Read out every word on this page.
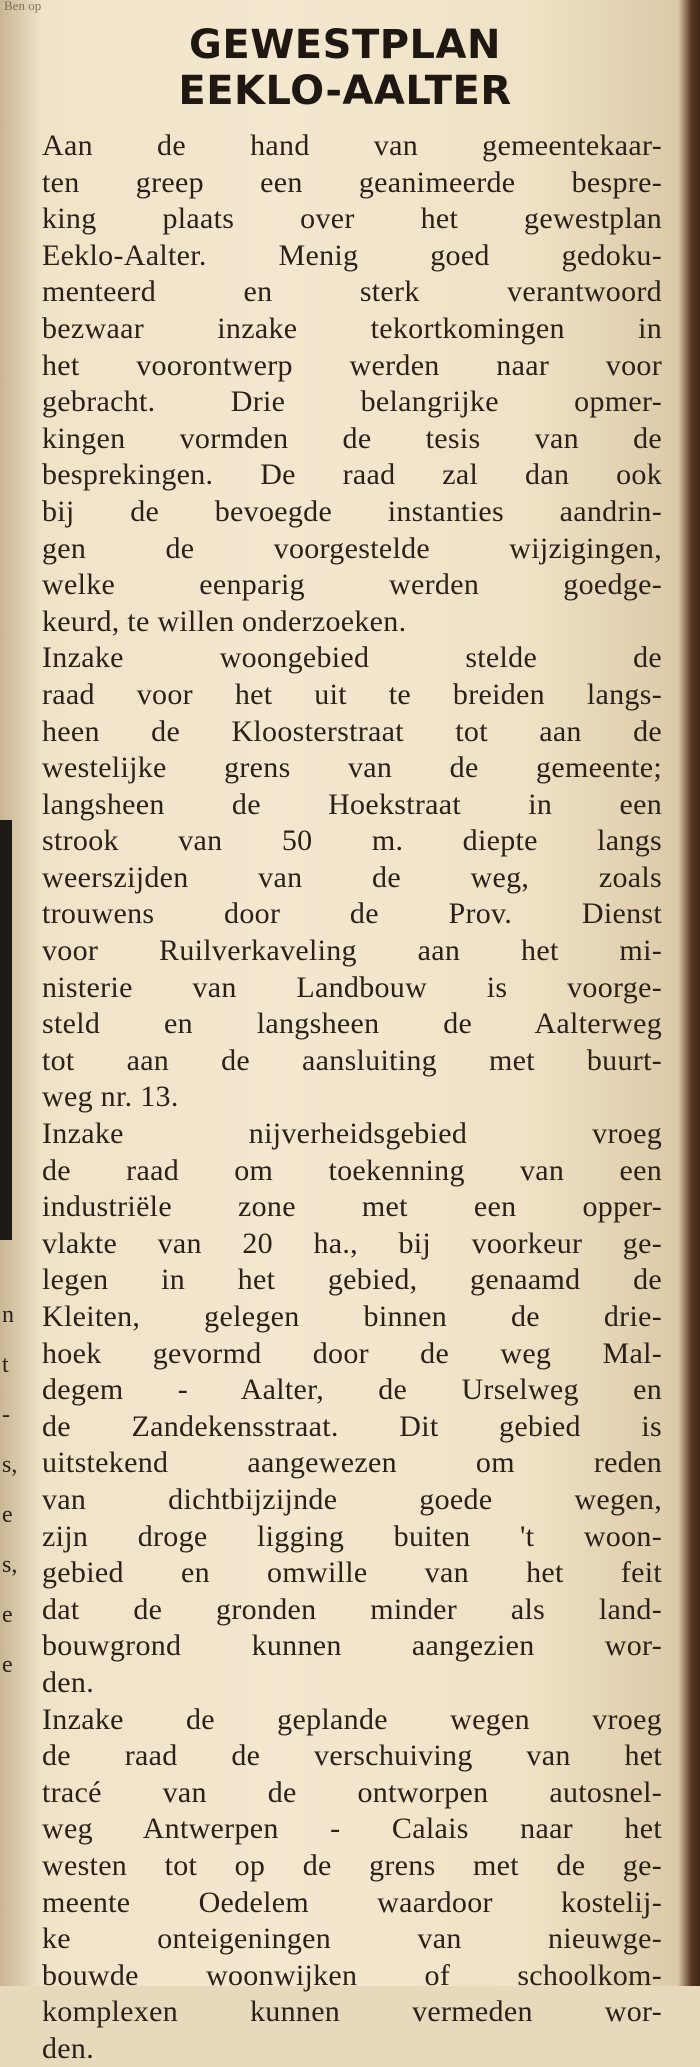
Ben op
n
t
-
s,
e
s,
e
e
GEWESTPLAN
EEKLO-AALTER
Aan de hand van gemeentekaar-
ten greep een geanimeerde bespre-
king plaats over het gewestplan
Eeklo-Aalter. Menig goed gedoku-
menteerd en sterk verantwoord
bezwaar inzake tekortkomingen in
het voorontwerp werden naar voor
gebracht. Drie belangrijke opmer-
kingen vormden de tesis van de
besprekingen. De raad zal dan ook
bij de bevoegde instanties aandrin-
gen de voorgestelde wijzigingen,
welke eenparig werden goedge-
keurd, te willen onderzoeken.
Inzake woongebied stelde de
raad voor het uit te breiden langs-
heen de Kloosterstraat tot aan de
westelijke grens van de gemeente;
langsheen de Hoekstraat in een
strook van 50 m. diepte langs
weerszijden van de weg, zoals
trouwens door de Prov. Dienst
voor Ruilverkaveling aan het mi-
nisterie van Landbouw is voorge-
steld en langsheen de Aalterweg
tot aan de aansluiting met buurt-
weg nr. 13.
Inzake nijverheidsgebied vroeg
de raad om toekenning van een
industriële zone met een opper-
vlakte van 20 ha., bij voorkeur ge-
legen in het gebied, genaamd de
Kleiten, gelegen binnen de drie-
hoek gevormd door de weg Mal-
degem - Aalter, de Urselweg en
de Zandekensstraat. Dit gebied is
uitstekend aangewezen om reden
van dichtbijzijnde goede wegen,
zijn droge ligging buiten 't woon-
gebied en omwille van het feit
dat de gronden minder als land-
bouwgrond kunnen aangezien wor-
den.
Inzake de geplande wegen vroeg
de raad de verschuiving van het
tracé van de ontworpen autosnel-
weg Antwerpen - Calais naar het
westen tot op de grens met de ge-
meente Oedelem waardoor kostelij-
ke onteigeningen van nieuwge-
bouwde woonwijken of schoolkom-
komplexen kunnen vermeden wor-
den.
